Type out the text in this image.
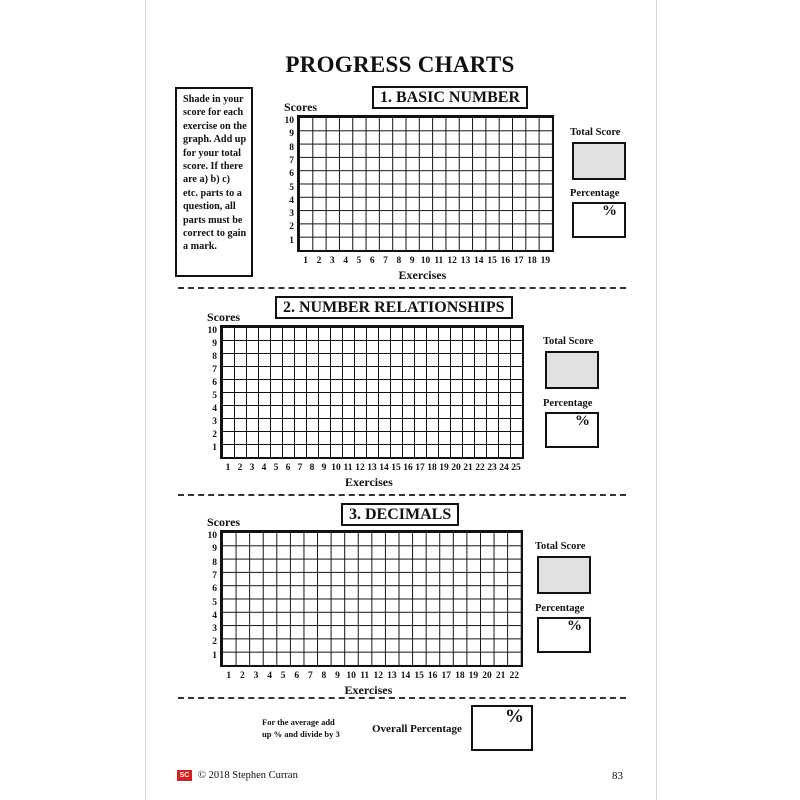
PROGRESS CHARTS
Shade in your score for each exercise on the graph. Add up for your total score. If there are a) b) c) etc. parts to a question, all parts must be correct to gain a mark.
1. BASIC NUMBER
Scores
10
9
8
7
6
5
4
3
2
1
1 2 3 4 5 6 7 8 9 10 11 12 13 14 15 16 17 18 19
Exercises
Total Score
Percentage
%
2. NUMBER RELATIONSHIPS
Scores
10
9
8
7
6
5
4
3
2
1
1 2 3 4 5 6 7 8 9 10 11 12 13 14 15 16 17 18 19 20 21 22 23 24 25
Exercises
Total Score
Percentage
%
3. DECIMALS
Scores
10
9
8
7
6
5
4
3
2
1
1 2 3 4 5 6 7 8 9 10 11 12 13 14 15 16 17 18 19 20 21 22
Exercises
Total Score
Percentage
%
For the average add
up % and divide by 3	Overall Percentage
%
SC © 2018 Stephen Curran	83
